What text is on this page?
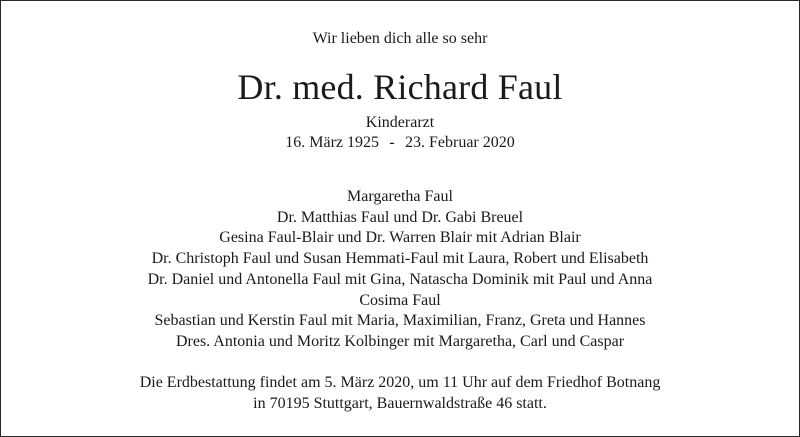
Wir lieben dich alle so sehr
Dr. med. Richard Faul
Kinderarzt
16. März 1925 - 23. Februar 2020
Margaretha Faul
Dr. Matthias Faul und Dr. Gabi Breuel
Gesina Faul-Blair und Dr. Warren Blair mit Adrian Blair
Dr. Christoph Faul und Susan Hemmati-Faul mit Laura, Robert und Elisabeth
Dr. Daniel und Antonella Faul mit Gina, Natascha Dominik mit Paul und Anna
Cosima Faul
Sebastian und Kerstin Faul mit Maria, Maximilian, Franz, Greta und Hannes
Dres. Antonia und Moritz Kolbinger mit Margaretha, Carl und Caspar
Die Erdbestattung findet am 5. März 2020, um 11 Uhr auf dem Friedhof Botnang
in 70195 Stuttgart, Bauernwaldstraße 46 statt.
